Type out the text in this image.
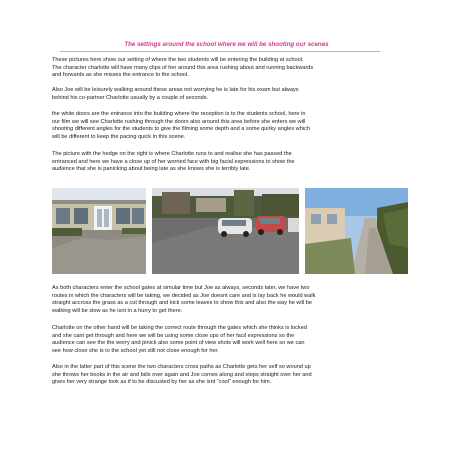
The settings around the school where we will be shooting our scenes
These pictures here show our setting of where the two students will be entering the building at school.
The character charlotte will have many clips of her around this area rushing about and running backwards
and forwards as she misses the entrance to the school.
Also Joe will be leisurely walking around these areas not worrying he is late for his exam but always
behind his co-partner Charlotte usually by a couple of seconds.
the white doors are the entrance into the building where the reception is to the students school, here in
our film we will see Charlotte rushing through the doors also around this area before she enters we will
shooting different angles for the students to give the filming some depth and a some quirky angles which
will be different to keep the pacing quick in this scene.
The picture with the hedge on the right is where Charlotte runs to and realise she has passed the
entranced and here we have a close up of her worried face with big facial expressions to show the
audience that she is panicking about being late as she knows she is terribly late.
As both characters enter the school gates at simular time but Joe as always, seconds later, we have two
routes in which the characters will be taking, we decided as Joe doesnt care and is lay back he would walk
straight accross the grass as a cut through and kick some leaves to show this and also the way he will be
walking will be slow as he isnt in a hurry to get there.
Charlotte on the other hand will be taking the correct route through the gates which she thinks is locked
and she cant get through and here we will be using some close ups of her facil expressions so the
audience can see the the worry and pinick also some point of view shots will work well here so we can
see how close she is to the school yet still not close enough for her.
Also in the latter part of this scene the two characters cross paths as Charlotte gets her self so wound up
she throws her books in the air and falls over again and Joe comes along and steps straight over her and
gives her very strange look as if to be discusted by her as she isnt “cool” enough for him.
